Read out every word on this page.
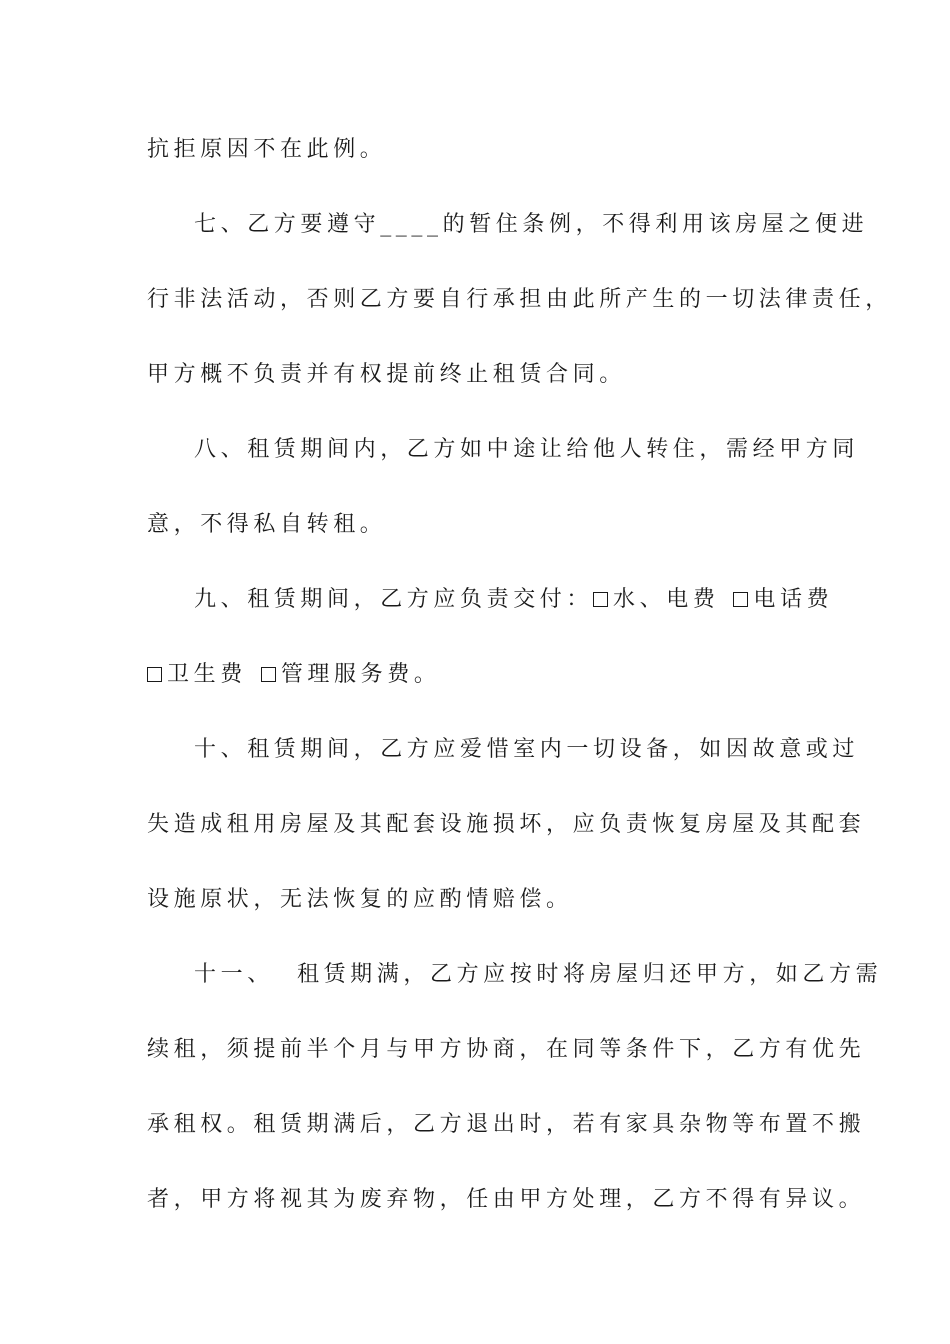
抗拒原因不在此例。
七、乙方要遵守____的暂住条例，不得利用该房屋之便进
行非法活动，否则乙方要自行承担由此所产生的一切法律责任，
甲方概不负责并有权提前终止租赁合同。
八、租赁期间内，乙方如中途让给他人转住，需经甲方同
意，不得私自转租。
九、租赁期间，乙方应负责交付： 水、电费 电话费
卫生费 管理服务费。
十、租赁期间，乙方应爱惜室内一切设备，如因故意或过
失造成租用房屋及其配套设施损坏，应负责恢复房屋及其配套
设施原状，无法恢复的应酌情赔偿。
十一、  租赁期满，乙方应按时将房屋归还甲方，如乙方需
续租，须提前半个月与甲方协商，在同等条件下，乙方有优先
承租权。租赁期满后，乙方退出时，若有家具杂物等布置不搬
者，甲方将视其为废弃物，任由甲方处理，乙方不得有异议。
